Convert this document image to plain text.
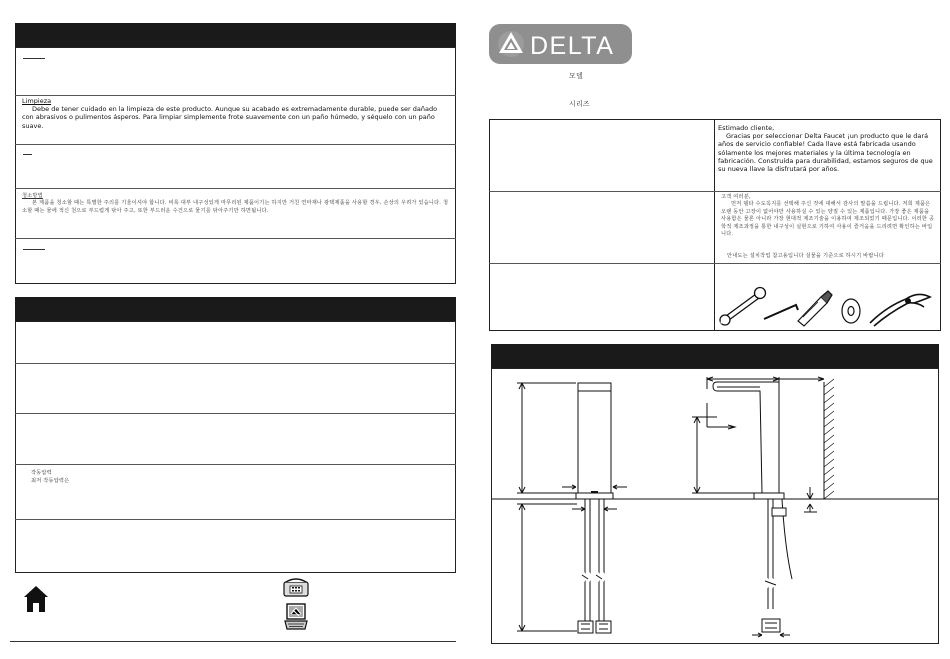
Limpieza
Debe de tener cuidado en la limpieza de este producto. Aunque su acabado es extremadamente durable, puede ser dañado con abrasivos o pulimentos ásperos. Para limpiar simplemente frote suavemente con un paño húmedo, y séquelo con un paño suave.
청소방법
본 제품을 청소할 때는 특별한 주의를 기울이셔야 합니다. 비록 대부 내구성있게 마무리된 제품이기는 하지만 거친 연마재나 광택제품을 사용할 경우, 손상의 우려가 있습니다. 청소할 때는 물에 적신 천으로 부드럽게 닦아 주고, 또한 부드러운 수건으로 물기를 닦아주기만 하면됩니다.
작동압력
최저 작동압력은
DELTA
모델
시리즈
Estimado cliente,
Gracias por seleccionar Delta Faucet ¡un producto que le dará años de servicio confiable! Cada llave está fabricada usando sólamente los mejores materiales y la última tecnología en fabricación. Construída para durabilidad, estamos seguros de que su nueva llave la disfrutará por años.
고객 여러분,
먼저 델타 수도꼭지를 선택해 주신 것에 대해서 감사의 말씀을 드립니다. 저희 제품은 오랜 동안 고장이 없어야만 사용하실 수 있는 양질 수 있는 제품입니다. 가장 좋은 제품을 사용함은 물론 아니라 가장 현대적 제조기술을 이용하여 제조되었기 때문입니다. 이러한 공학적 제조과정을 통한 내구성이 실현으로 기하여 사용이 즐거움을 드리려면 확인하는 바입니다.
안내도는 설치작업 참고용입니다 실물을 기준으로 하시기 바랍니다
